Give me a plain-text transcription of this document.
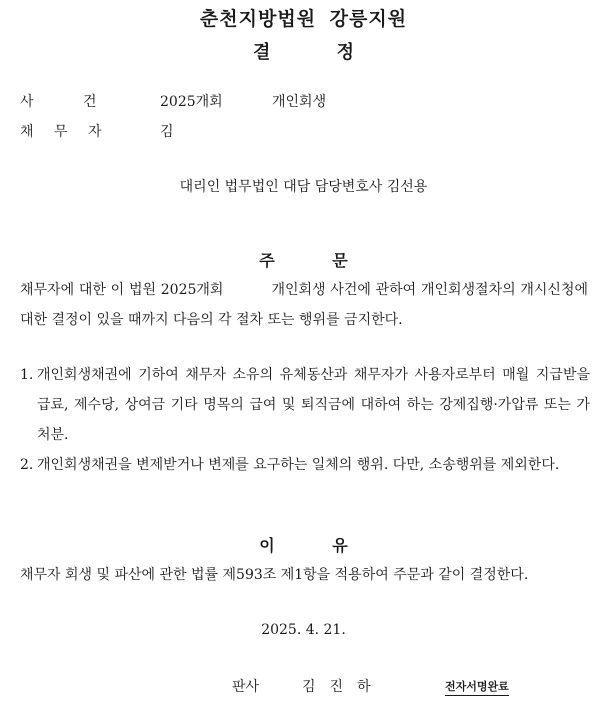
춘천지방법원 강릉지원
결 정
사 건	2025개회	개인회생
채 무 자	김
대리인 법무법인 대담 담당변호사 김선용
주 문
채무자에 대한 이 법원 2025개회	개인회생 사건에 관하여 개인회생절차의 개시신청에 대한 결정이 있을 때까지 다음의 각 절차 또는 행위를 금지한다.
1. 개인회생채권에 기하여 채무자 소유의 유체동산과 채무자가 사용자로부터 매월 지급받을 급료, 제수당, 상여금 기타 명목의 급여 및 퇴직금에 대하여 하는 강제집행·가압류 또는 가처분.
2. 개인회생채권을 변제받거나 변제를 요구하는 일체의 행위. 다만, 소송행위를 제외한다.
이 유
채무자 회생 및 파산에 관한 법률 제593조 제1항을 적용하여 주문과 같이 결정한다.
2025. 4. 21.
판사	김진하	전자서명완료
